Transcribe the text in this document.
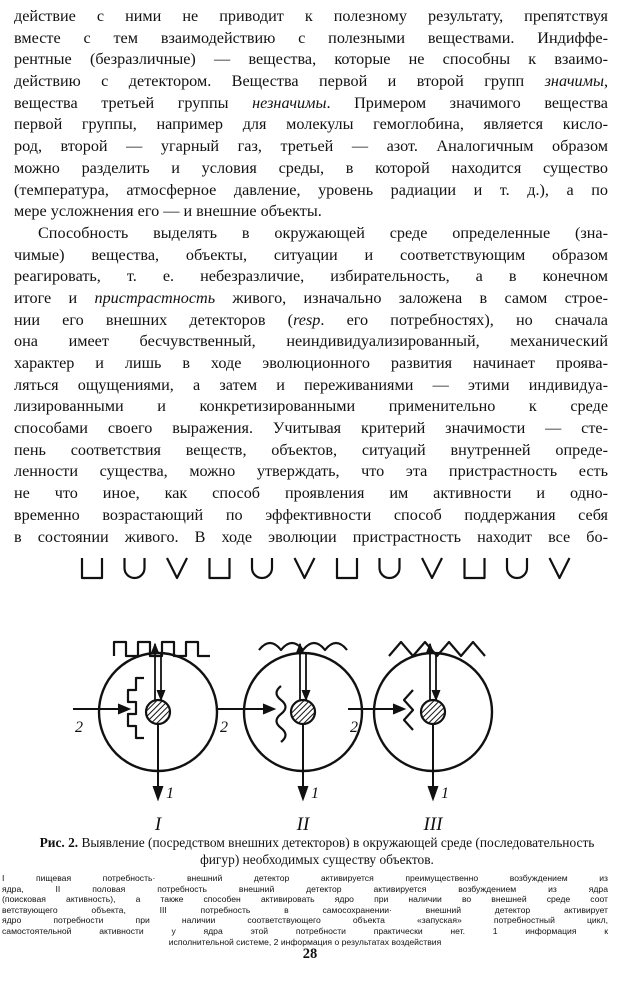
действие с ними не приводит к полезному результату, препятствуя
вместе с тем взаимодействию с полезными веществами. Индиффе-
рентные (безразличные) — вещества, которые не способны к взаимо-
действию с детектором. Вещества первой и второй групп значимы,
вещества третьей группы незначимы. Примером значимого вещества
первой группы, например для молекулы гемоглобина, является кисло-
род, второй — угарный газ, третьей — азот. Аналогичным образом
можно разделить и условия среды, в которой находится существо
(температура, атмосферное давление, уровень радиации и т. д.), а по
мере усложнения его — и внешние объекты.
Способность выделять в окружающей среде определенные (зна-
чимые) вещества, объекты, ситуации и соответствующим образом
реагировать, т. е. небезразличие, избирательность, а в конечном
итоге и пристрастность живого, изначально заложена в самом строе-
нии его внешних детекторов (resp. его потребностях), но сначала
она имеет бесчувственный, неиндивидуализированный, механический
характер и лишь в ходе эволюционного развития начинает проява-
ляться ощущениями, а затем и переживаниями — этими индивидуа-
лизированными и конкретизированными применительно к среде
способами своего выражения. Учитывая критерий значимости — сте-
пень соответствия веществ, объектов, ситуаций внутренней опреде-
ленности существа, можно утверждать, что эта пристрастность есть
не что иное, как способ проявления им активности и одно-
временно возрастающий по эффективности способ поддержания себя
в состоянии живого. В ходе эволюции пристрастность находит все бо-
2
1
I
2
1
II
2
1
III
Рис. 2. Выявление (посредством внешних детекторов) в окружающей среде (последовательность фигур) необходимых существу объектов.
I пищевая потребность· внешний детектор активируется преимущественно возбуждением из
ядра, II половая потребность внешний детектор активируется возбуждением из ядра
(поисковая активность), а также способен активировать ядро при наличии во внешней среде соот
ветствующего объекта, III потребность в самосохранении· внешний детектор активирует
ядро потребности при наличии соответствующего объекта «запуская» потребностный цикл,
самостоятельной активности у ядра этой потребности практически нет. 1 информация к
исполнительной системе, 2 информация о результатах воздействия
28
